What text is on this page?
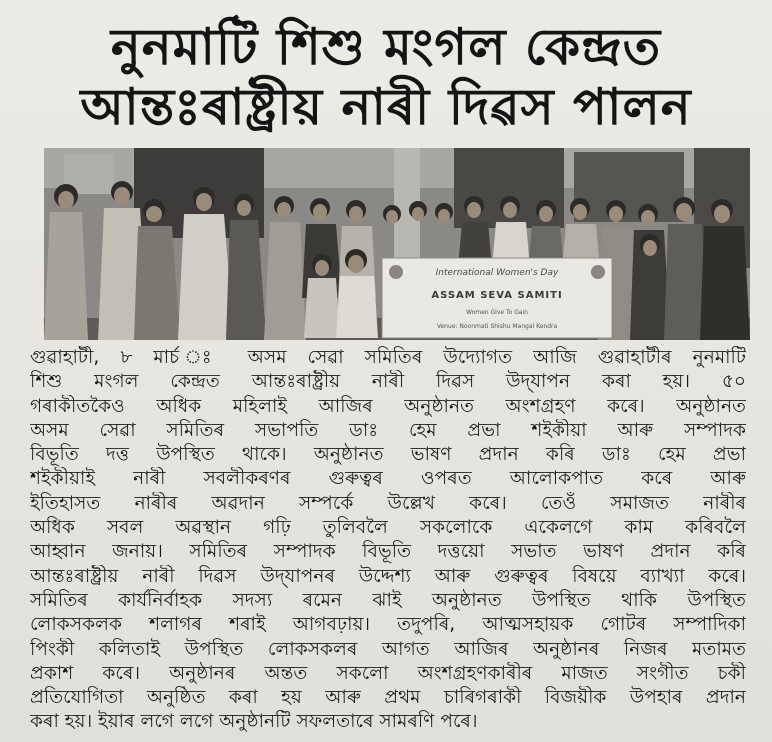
নুনমাটি শিশু মংগল কেন্দ্ৰত
আন্তঃৰাষ্ট্ৰীয় নাৰী দিৱস পালন
International Women's Day
ASSAM SEVA SAMITI
Women Give To Gain
Venue: Noonmati Shishu Mangal Kendra
গুৱাহাটী, ৮ মাৰ্চ ঃ অসম সেৱা সমিতিৰ উদ্যোগত আজি গুৱাহাটীৰ নুনমাটি
শিশু মংগল কেন্দ্ৰত আন্তঃৰাষ্ট্ৰীয় নাৰী দিৱস উদ্‌যাপন কৰা হয়। ৫০
গৰাকীতকৈও অধিক মহিলাই আজিৰ অনুষ্ঠানত অংশগ্ৰহণ কৰে। অনুষ্ঠানত
অসম সেৱা সমিতিৰ সভাপতি ডাঃ হেম প্ৰভা শইকীয়া আৰু সম্পাদক
বিভূতি দত্ত উপস্থিত থাকে। অনুষ্ঠানত ভাষণ প্ৰদান কৰি ডাঃ হেম প্ৰভা
শইকীয়াই নাৰী সবলীকৰণৰ গুৰুত্বৰ ওপৰত আলোকপাত কৰে আৰু
ইতিহাসত নাৰীৰ অৱদান সম্পৰ্কে উল্লেখ কৰে। তেওঁ সমাজত নাৰীৰ
অধিক সবল অৱস্থান গঢ়ি তুলিবলৈ সকলোকে একেলগে কাম কৰিবলৈ
আহ্বান জনায়। সমিতিৰ সম্পাদক বিভূতি দত্তয়ো সভাত ভাষণ প্ৰদান কৰি
আন্তঃৰাষ্ট্ৰীয় নাৰী দিৱস উদ্‌যাপনৰ উদ্দেশ্য আৰু গুৰুত্বৰ বিষয়ে ব্যাখ্যা কৰে।
সমিতিৰ কাৰ্যনিৰ্বাহক সদস্য ৰমেন ঝাই অনুষ্ঠানত উপস্থিত থাকি উপস্থিত
লোকসকলক শলাগৰ শৰাই আগবঢ়ায়। তদুপৰি, আত্মসহায়ক গোটৰ সম্পাদিকা
পিংকী কলিতাই উপস্থিত লোকসকলৰ আগত আজিৰ অনুষ্ঠানৰ নিজৰ মতামত
প্ৰকাশ কৰে। অনুষ্ঠানৰ অন্তত সকলো অংশগ্ৰহণকাৰীৰ মাজত সংগীত চকী
প্ৰতিযোগিতা অনুষ্ঠিত কৰা হয় আৰু প্ৰথম চাৰিগৰাকী বিজয়ীক উপহাৰ প্ৰদান
কৰা হয়। ইয়াৰ লগে লগে অনুষ্ঠানটি সফলতাৰে সামৰণি পৰে।
